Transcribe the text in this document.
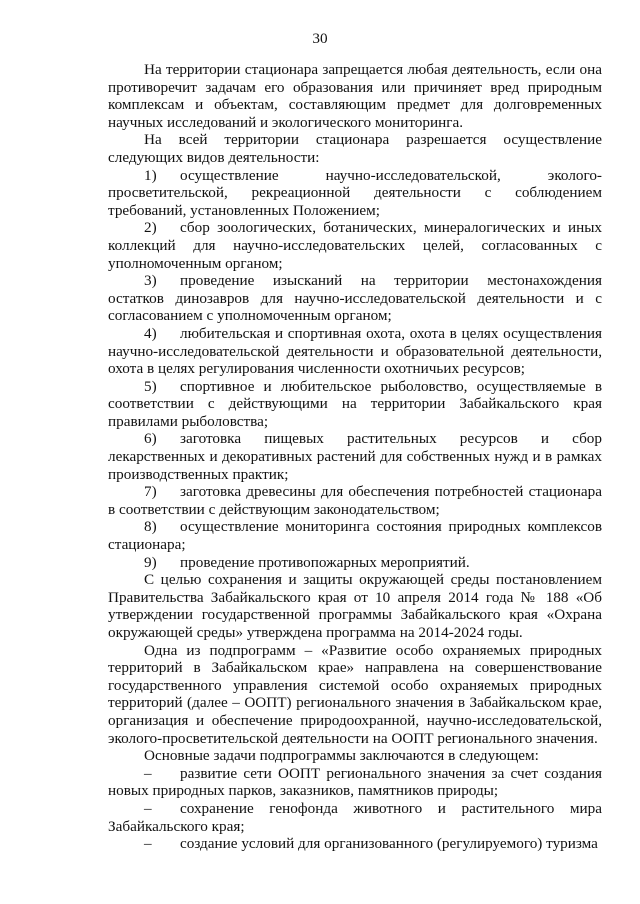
30

На территории стационара запрещается любая деятельность, если она противоречит задачам его образования или причиняет вред природным комплексам и объектам, составляющим предмет для долговременных научных исследований и экологического мониторинга.

На всей территории стационара разрешается осуществление следующих видов деятельности:

1) осуществление научно-исследовательской, эколого-просветительской, рекреационной деятельности с соблюдением требований, установленных Положением;

2) сбор зоологических, ботанических, минералогических и иных коллекций для научно-исследовательских целей, согласованных с уполномоченным органом;

3) проведение изысканий на территории местонахождения остатков динозавров для научно-исследовательской деятельности и с согласованием с уполномоченным органом;

4) любительская и спортивная охота, охота в целях осуществления научно-исследовательской деятельности и образовательной деятельности, охота в целях регулирования численности охотничьих ресурсов;

5) спортивное и любительское рыболовство, осуществляемые в соответствии с действующими на территории Забайкальского края правилами рыболовства;

6) заготовка пищевых растительных ресурсов и сбор лекарственных и декоративных растений для собственных нужд и в рамках производственных практик;

7) заготовка древесины для обеспечения потребностей стационара в соответствии с действующим законодательством;

8) осуществление мониторинга состояния природных комплексов стационара;

9) проведение противопожарных мероприятий.

С целью сохранения и защиты окружающей среды постановлением Правительства Забайкальского края от 10 апреля 2014 года № 188 «Об утверждении государственной программы Забайкальского края «Охрана окружающей среды» утверждена программа на 2014-2024 годы.

Одна из подпрограмм – «Развитие особо охраняемых природных территорий в Забайкальском крае» направлена на совершенствование государственного управления системой особо охраняемых природных территорий (далее – ООПТ) регионального значения в Забайкальском крае, организация и обеспечение природоохранной, научно-исследовательской, эколого-просветительской деятельности на ООПТ регионального значения.

Основные задачи подпрограммы заключаются в следующем:

– развитие сети ООПТ регионального значения за счет создания новых природных парков, заказников, памятников природы;

– сохранение генофонда животного и растительного мира Забайкальского края;

– создание условий для организованного (регулируемого) туризма
